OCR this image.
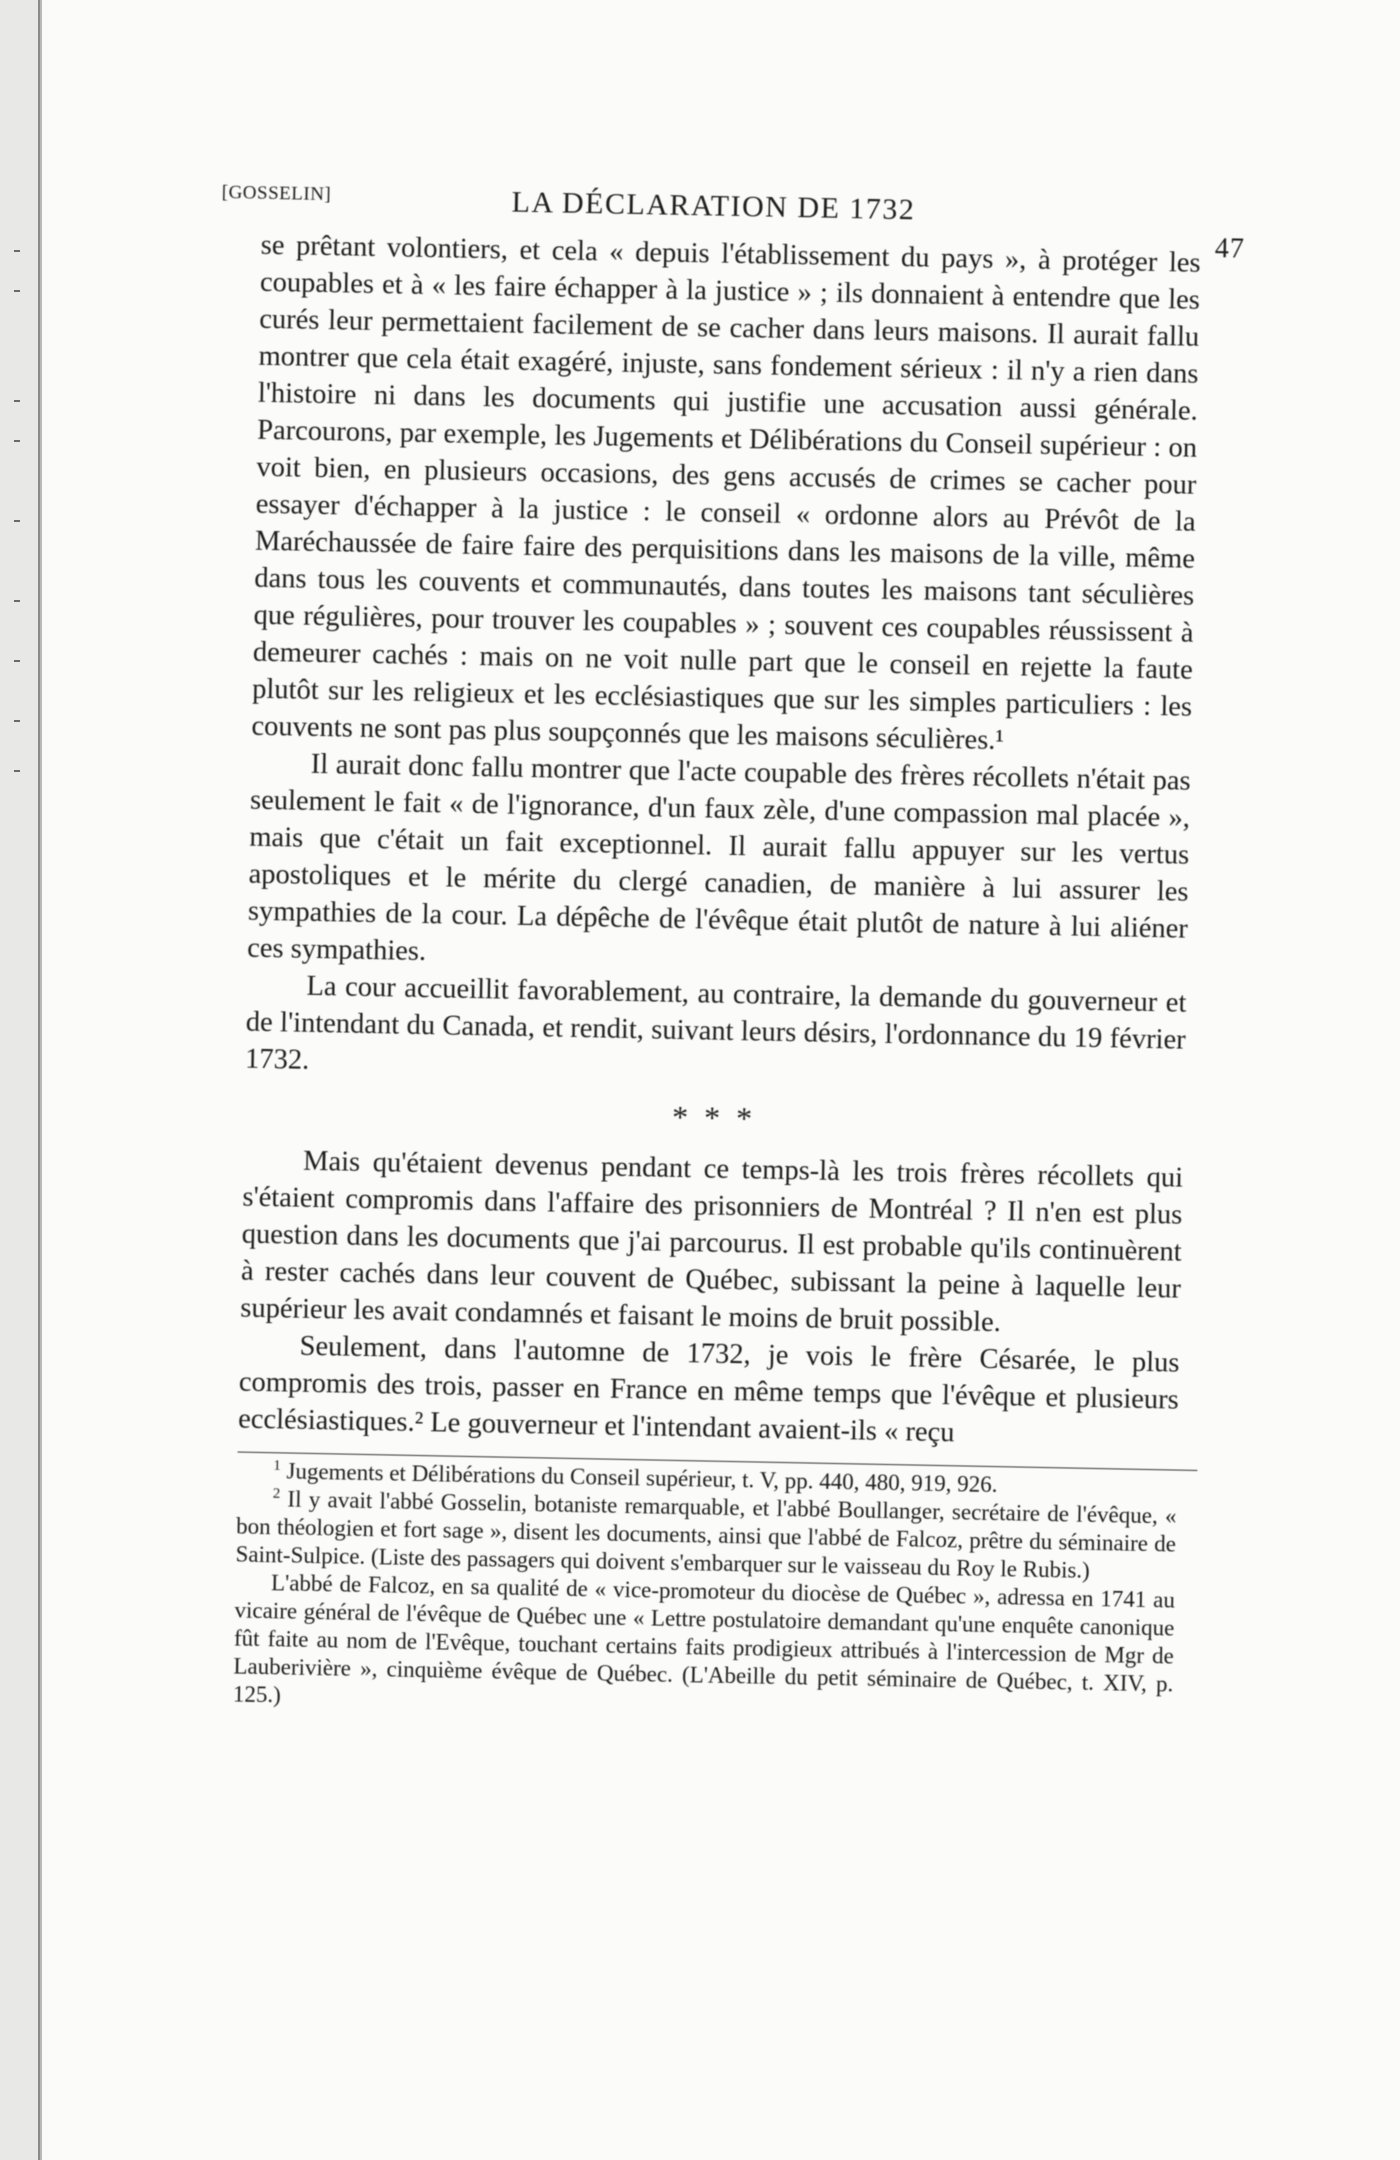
[GOSSELIN]	LA DÉCLARATION DE 1732
47

se prêtant volontiers, et cela « depuis l'établissement du pays », à protéger les coupables et à « les faire échapper à la justice » ; ils donnaient à entendre que les curés leur permettaient facilement de se cacher dans leurs maisons. Il aurait fallu montrer que cela était exagéré, injuste, sans fondement sérieux : il n'y a rien dans l'histoire ni dans les documents qui justifie une accusation aussi générale. Parcourons, par exemple, les Jugements et Délibérations du Conseil supérieur : on voit bien, en plusieurs occasions, des gens accusés de crimes se cacher pour essayer d'échapper à la justice : le conseil « ordonne alors au Prévôt de la Maréchaussée de faire faire des perquisitions dans les maisons de la ville, même dans tous les couvents et communautés, dans toutes les maisons tant séculières que régulières, pour trouver les coupables » ; souvent ces coupables réussissent à demeurer cachés : mais on ne voit nulle part que le conseil en rejette la faute plutôt sur les religieux et les ecclésiastiques que sur les simples particuliers : les couvents ne sont pas plus soupçonnés que les maisons séculières.¹

Il aurait donc fallu montrer que l'acte coupable des frères récollets n'était pas seulement le fait « de l'ignorance, d'un faux zèle, d'une compassion mal placée », mais que c'était un fait exceptionnel. Il aurait fallu appuyer sur les vertus apostoliques et le mérite du clergé canadien, de manière à lui assurer les sympathies de la cour. La dépêche de l'évêque était plutôt de nature à lui aliéner ces sympathies.

La cour accueillit favorablement, au contraire, la demande du gouverneur et de l'intendant du Canada, et rendit, suivant leurs désirs, l'ordonnance du 19 février 1732.

* * *

Mais qu'étaient devenus pendant ce temps-là les trois frères récollets qui s'étaient compromis dans l'affaire des prisonniers de Montréal ? Il n'en est plus question dans les documents que j'ai parcourus. Il est probable qu'ils continuèrent à rester cachés dans leur couvent de Québec, subissant la peine à laquelle leur supérieur les avait condamnés et faisant le moins de bruit possible.

Seulement, dans l'automne de 1732, je vois le frère Césarée, le plus compromis des trois, passer en France en même temps que l'évêque et plusieurs ecclésiastiques.² Le gouverneur et l'intendant avaient-ils « reçu

$^1$ Jugements et Délibérations du Conseil supérieur, t. V, pp. 440, 480, 919, 926.

$^2$ Il y avait l'abbé Gosselin, botaniste remarquable, et l'abbé Boullanger, secrétaire de l'évêque, « bon théologien et fort sage », disent les documents, ainsi que l'abbé de Falcoz, prêtre du séminaire de Saint-Sulpice. (Liste des passagers qui doivent s'embarquer sur le vaisseau du Roy le Rubis.)

L'abbé de Falcoz, en sa qualité de « vice-promoteur du diocèse de Québec », adressa en 1741 au vicaire général de l'évêque de Québec une « Lettre postulatoire demandant qu'une enquête canonique fût faite au nom de l'Evêque, touchant certains faits prodigieux attribués à l'intercession de Mgr de Lauberivière », cinquième évêque de Québec. (L'Abeille du petit séminaire de Québec, t. XIV, p. 125.)
